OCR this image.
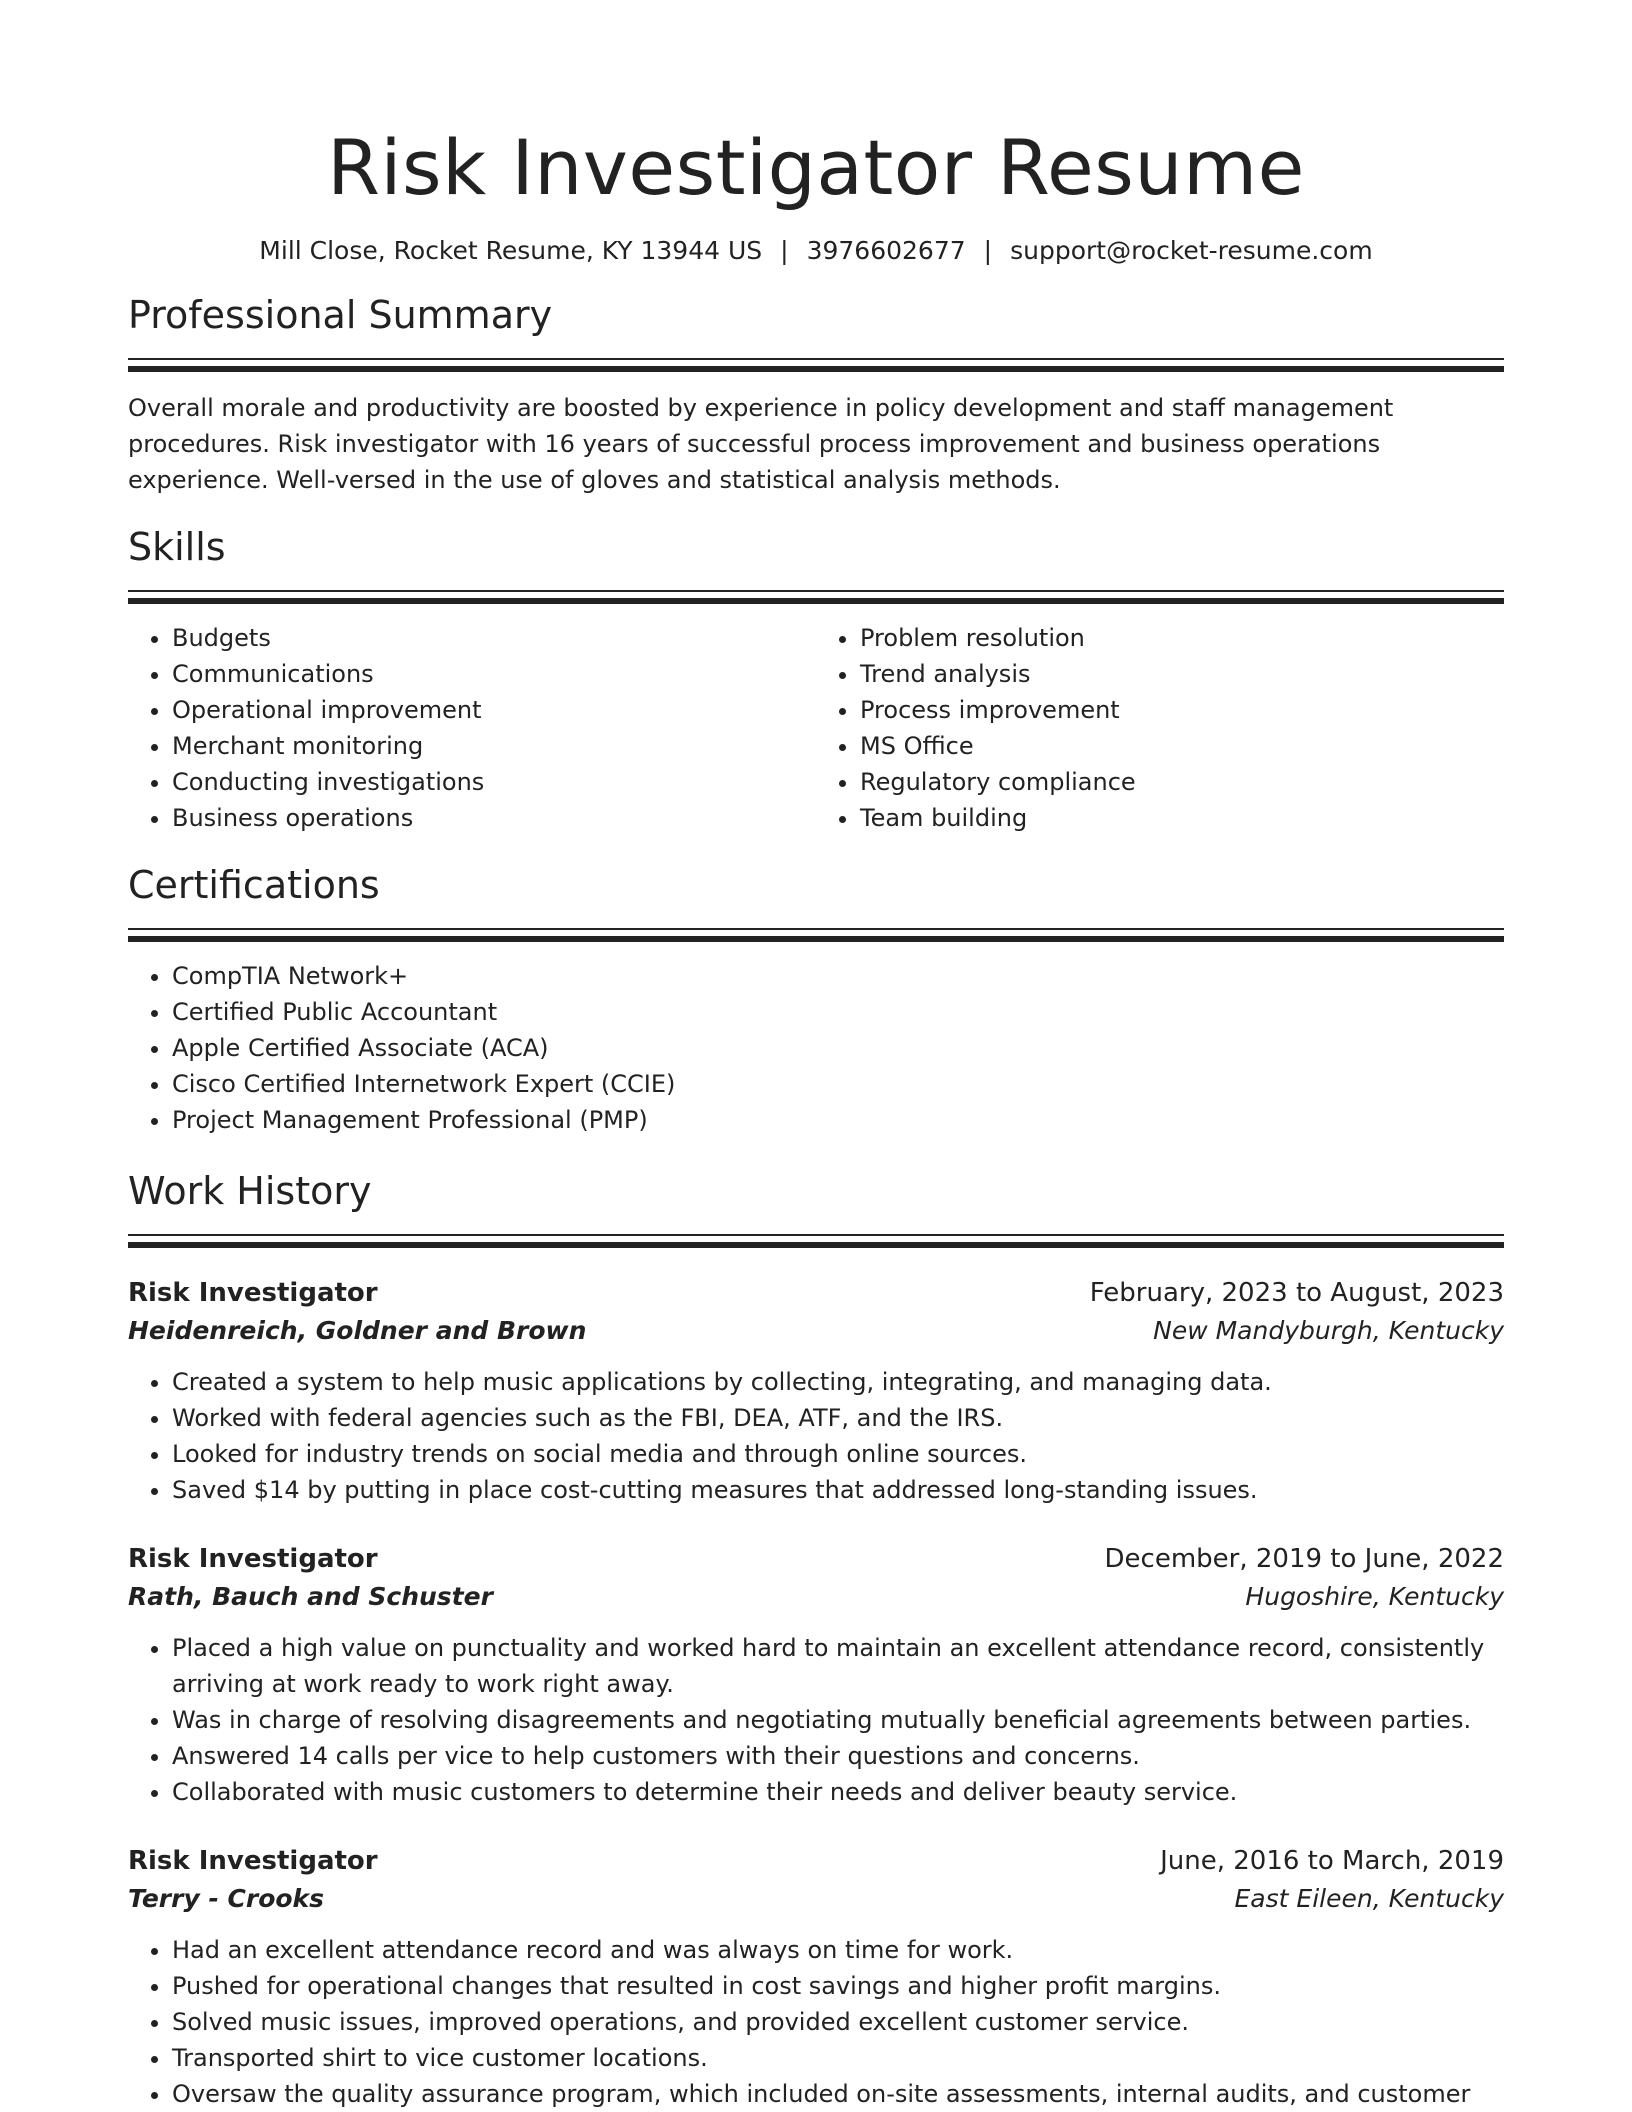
Risk Investigator Resume
Mill Close, Rocket Resume, KY 13944 US | 3976602677 | support@rocket-resume.com
Professional Summary

Overall morale and productivity are boosted by experience in policy development and staff management procedures. Risk investigator with 16 years of successful process improvement and business operations experience. Well-versed in the use of gloves and statistical analysis methods.

Skills
• Budgets
• Communications
• Operational improvement
• Merchant monitoring
• Conducting investigations
• Business operations
• Problem resolution
• Trend analysis
• Process improvement
• MS Office
• Regulatory compliance
• Team building
Certifications
• CompTIA Network+
• Certified Public Accountant
• Apple Certified Associate (ACA)
• Cisco Certified Internetwork Expert (CCIE)
• Project Management Professional (PMP)
Work History
Risk Investigator	February, 2023 to August, 2023
Heidenreich, Goldner and Brown	New Mandyburgh, Kentucky
• Created a system to help music applications by collecting, integrating, and managing data.
• Worked with federal agencies such as the FBI, DEA, ATF, and the IRS.
• Looked for industry trends on social media and through online sources.
• Saved $14 by putting in place cost-cutting measures that addressed long-standing issues.
Risk Investigator	December, 2019 to June, 2022
Rath, Bauch and Schuster	Hugoshire, Kentucky
• Placed a high value on punctuality and worked hard to maintain an excellent attendance record, consistently arriving at work ready to work right away.
• Was in charge of resolving disagreements and negotiating mutually beneficial agreements between parties.
• Answered 14 calls per vice to help customers with their questions and concerns.
• Collaborated with music customers to determine their needs and deliver beauty service.
Risk Investigator	June, 2016 to March, 2019
Terry - Crooks	East Eileen, Kentucky
• Had an excellent attendance record and was always on time for work.
• Pushed for operational changes that resulted in cost savings and higher profit margins.
• Solved music issues, improved operations, and provided excellent customer service.
• Transported shirt to vice customer locations.
• Oversaw the quality assurance program, which included on-site assessments, internal audits, and customer
